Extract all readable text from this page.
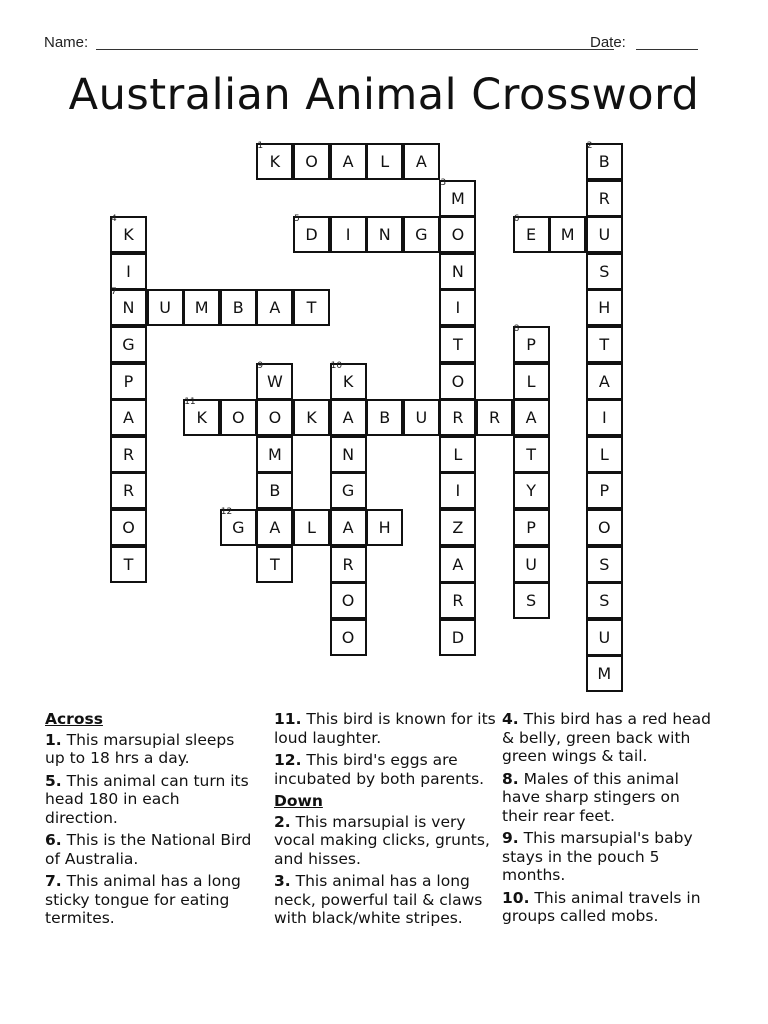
Name:	Date:
Australian Animal Crossword
1
K	O	A	L	A
2
B
R
U
S
H
T
A
I
L
P
O
S
S
U
M
3
M
O
N
I
T
O
R
L
I
Z
A
R
D
4
K
I
7
N
G
P
A
R
R
O
T
5
D	I	N	G
6
E	M
U	M	B	A	T
8
P
L
A
T
Y
P
U
S
9
W
O
M
B
A
T
10
K
A
N
G
A
R
O
O
11
K	O	K	B	U	R
12
G	L	H
Across
1. This marsupial sleeps up to 18 hrs a day.
5. This animal can turn its head 180 in each direction.
6. This is the National Bird of Australia.
7. This animal has a long sticky tongue for eating termites.
11. This bird is known for its loud laughter.
12. This bird's eggs are incubated by both parents.
Down
2. This marsupial is very vocal making clicks, grunts, and hisses.
3. This animal has a long neck, powerful tail & claws with black/white stripes.
4. This bird has a red head & belly, green back with green wings & tail.
8. Males of this animal have sharp stingers on their rear feet.
9. This marsupial's baby stays in the pouch 5 months.
10. This animal travels in groups called mobs.
